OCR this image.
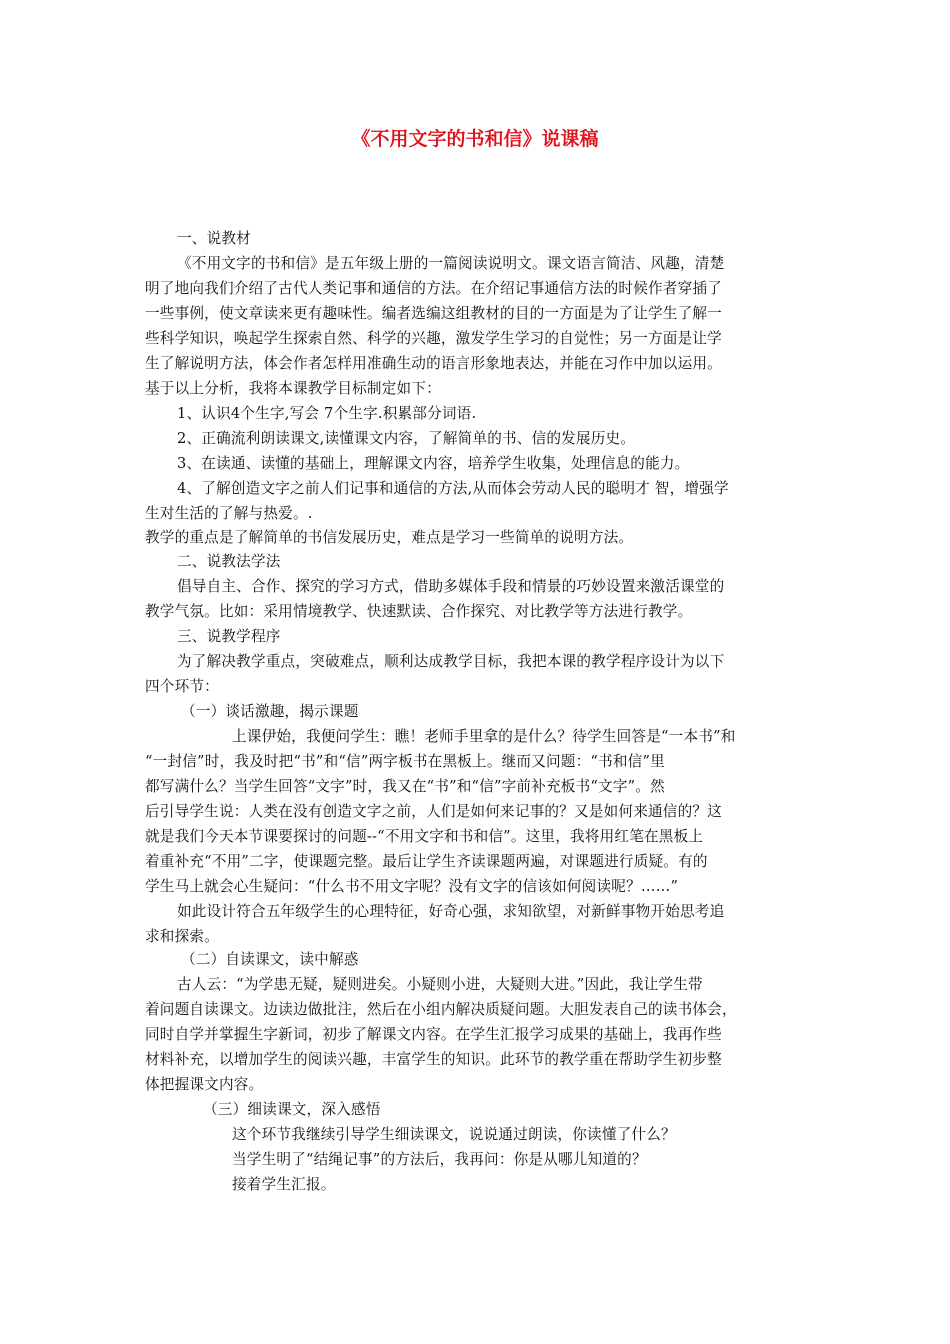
《不用文字的书和信》说课稿
一、说教材
《不用文字的书和信》是五年级上册的一篇阅读说明文。课文语言简洁、风趣，清楚
明了地向我们介绍了古代人类记事和通信的方法。在介绍记事通信方法的时候作者穿插了
一些事例，使文章读来更有趣味性。编者选编这组教材的目的一方面是为了让学生了解一
些科学知识，唤起学生探索自然、科学的兴趣，激发学生学习的自觉性；另一方面是让学
生了解说明方法，体会作者怎样用准确生动的语言形象地表达，并能在习作中加以运用。
基于以上分析，我将本课教学目标制定如下：
1、认识4个生字,写会 7个生字.积累部分词语.
2、正确流利朗读课文,读懂课文内容，了解简单的书、信的发展历史。
3、在读通、读懂的基础上，理解课文内容，培养学生收集，处理信息的能力。
4、了解创造文字之前人们记事和通信的方法,从而体会劳动人民的聪明才 智，增强学
生对生活的了解与热爱。.
教学的重点是了解简单的书信发展历史，难点是学习一些简单的说明方法。
二、说教法学法
倡导自主、合作、探究的学习方式，借助多媒体手段和情景的巧妙设置来激活课堂的
教学气氛。比如：采用情境教学、快速默读、合作探究、对比教学等方法进行教学。
三、说教学程序
为了解决教学重点，突破难点，顺利达成教学目标，我把本课的教学程序设计为以下
四个环节：
（一）谈话激趣，揭示课题
上课伊始，我便问学生：瞧！老师手里拿的是什么？待学生回答是“一本书”和
“一封信”时，我及时把“书”和“信”两字板书在黑板上。继而又问题：“书和信”里
都写满什么？当学生回答“文字”时，我又在“书”和“信”字前补充板书“文字”。然
后引导学生说：人类在没有创造文字之前，人们是如何来记事的？又是如何来通信的？这
就是我们今天本节课要探讨的问题--“不用文字和书和信”。这里，我将用红笔在黑板上
着重补充“不用”二字，使课题完整。最后让学生齐读课题两遍，对课题进行质疑。有的
学生马上就会心生疑问：“什么书不用文字呢？没有文字的信该如何阅读呢？……”
如此设计符合五年级学生的心理特征，好奇心强，求知欲望，对新鲜事物开始思考追
求和探索。
（二）自读课文，读中解惑
古人云：“为学患无疑，疑则进矣。小疑则小进，大疑则大进。”因此，我让学生带
着问题自读课文。边读边做批注，然后在小组内解决质疑问题。大胆发表自己的读书体会，
同时自学并掌握生字新词，初步了解课文内容。在学生汇报学习成果的基础上，我再作些
材料补充，以增加学生的阅读兴趣，丰富学生的知识。此环节的教学重在帮助学生初步整
体把握课文内容。
（三）细读课文，深入感悟
这个环节我继续引导学生细读课文，说说通过朗读，你读懂了什么？
当学生明了“结绳记事”的方法后，我再问：你是从哪儿知道的？
接着学生汇报。
